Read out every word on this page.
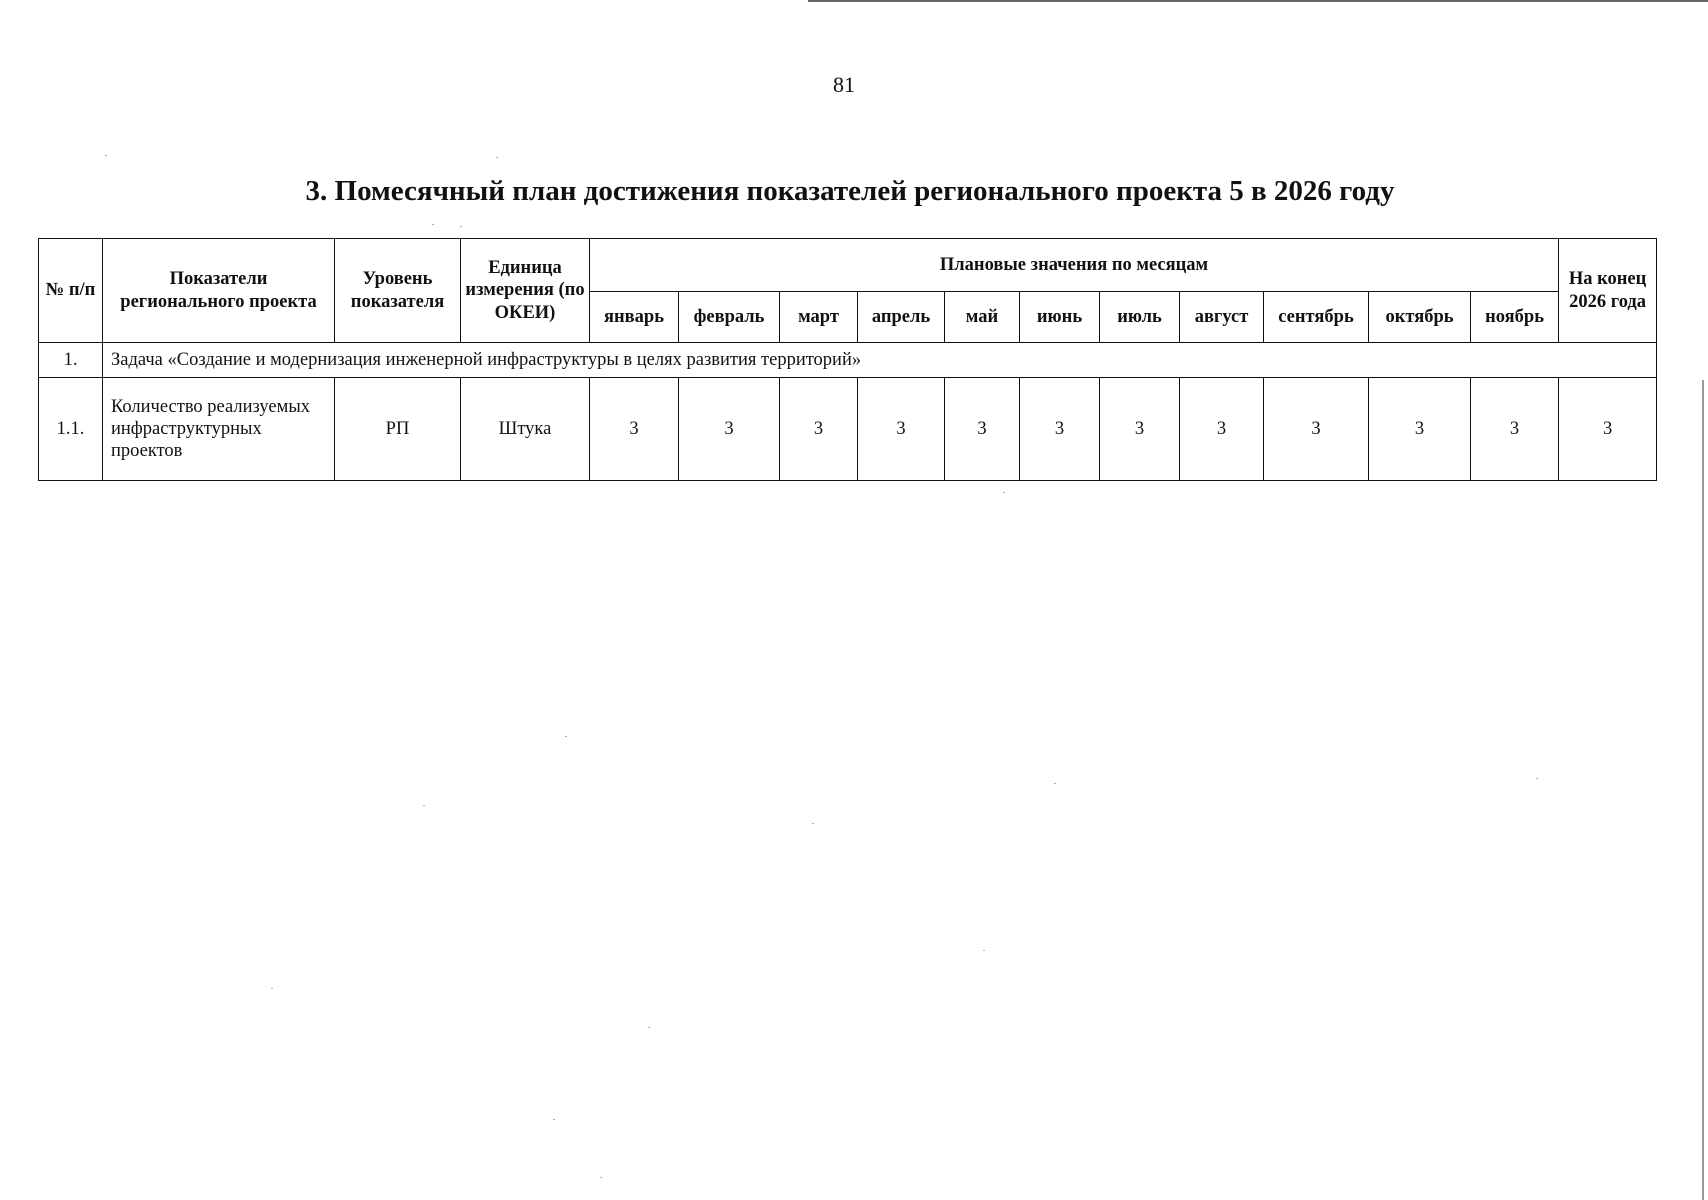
81
3. Помесячный план достижения показателей регионального проекта 5 в 2026 году
№ п/п	Показатели регионального проекта	Уровень показателя	Единица измерения (по ОКЕИ)	Плановые значения по месяцам											На конец 2026 года
				январь	февраль	март	апрель	май	июнь	июль	август	сентябрь	октябрь	ноябрь	
1.	Задача «Создание и модернизация инженерной инфраструктуры в целях развития территорий»														
1.1.	Количество реализуемых инфраструктурных проектов	РП	Штука	3	3	3	3	3	3	3	3	3	3	3	3
